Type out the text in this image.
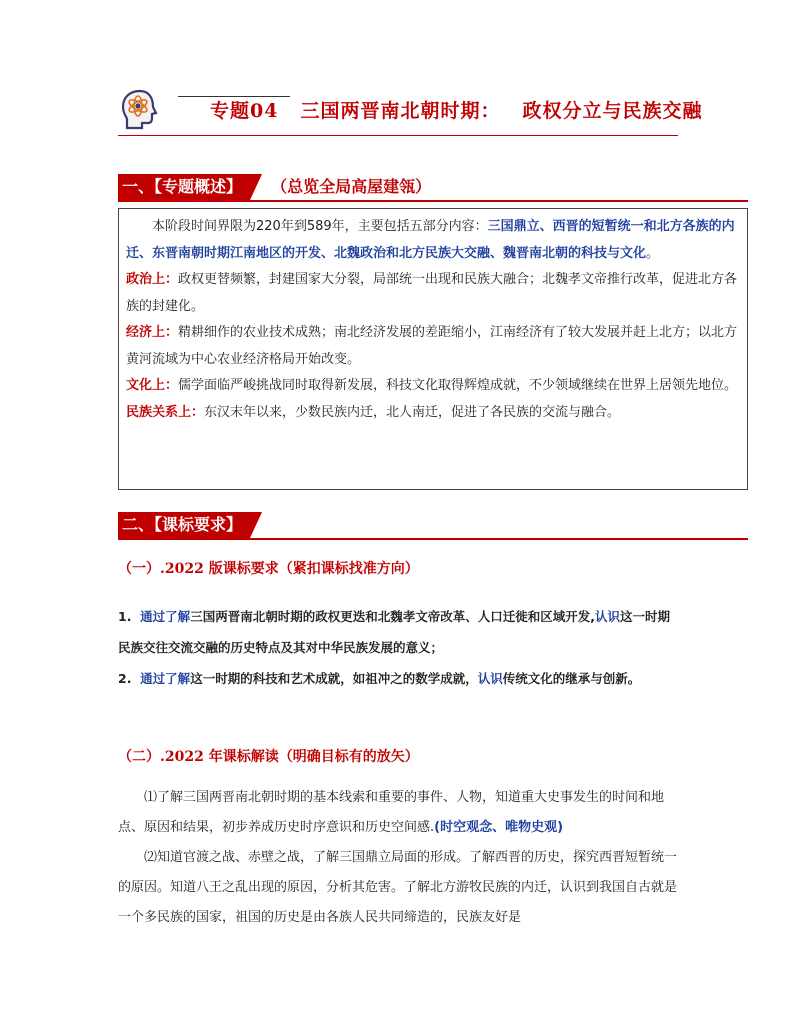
专题04 三国两晋南北朝时期： 政权分立与民族交融
一、【专题概述】 （总览全局高屋建瓴）

本阶段时间界限为220年到589年，主要包括五部分内容：三国鼎立、西晋的短暂统一和北方各族的内迁、东晋南朝时期江南地区的开发、北魏政治和北方民族大交融、魏晋南北朝的科技与文化。

政治上：政权更替频繁，封建国家大分裂，局部统一出现和民族大融合；北魏孝文帝推行改革，促进北方各族的封建化。

经济上：精耕细作的农业技术成熟；南北经济发展的差距缩小，江南经济有了较大发展并赶上北方；以北方黄河流域为中心农业经济格局开始改变。

文化上：儒学面临严峻挑战同时取得新发展，科技文化取得辉煌成就，不少领域继续在世界上居领先地位。

民族关系上：东汉末年以来，少数民族内迁，北人南迁，促进了各民族的交流与融合。

二、【课标要求】
（一）.2022 版课标要求（紧扣课标找准方向）

1. 通过了解三国两晋南北朝时期的政权更迭和北魏孝文帝改革、人口迁徙和区域开发,认识这一时期民族交往交流交融的历史特点及其对中华民族发展的意义；

2. 通过了解这一时期的科技和艺术成就，如祖冲之的数学成就，认识传统文化的继承与创新。

（二）.2022 年课标解读（明确目标有的放矢）

⑴了解三国两晋南北朝时期的基本线索和重要的事件、人物，知道重大史事发生的时间和地点、原因和结果，初步养成历史时序意识和历史空间感.(时空观念、唯物史观)

⑵知道官渡之战、赤壁之战，了解三国鼎立局面的形成。了解西晋的历史，探究西晋短暂统一的原因。知道八王之乱出现的原因，分析其危害。了解北方游牧民族的内迁，认识到我国自古就是一个多民族的国家，祖国的历史是由各族人民共同缔造的，民族友好是
